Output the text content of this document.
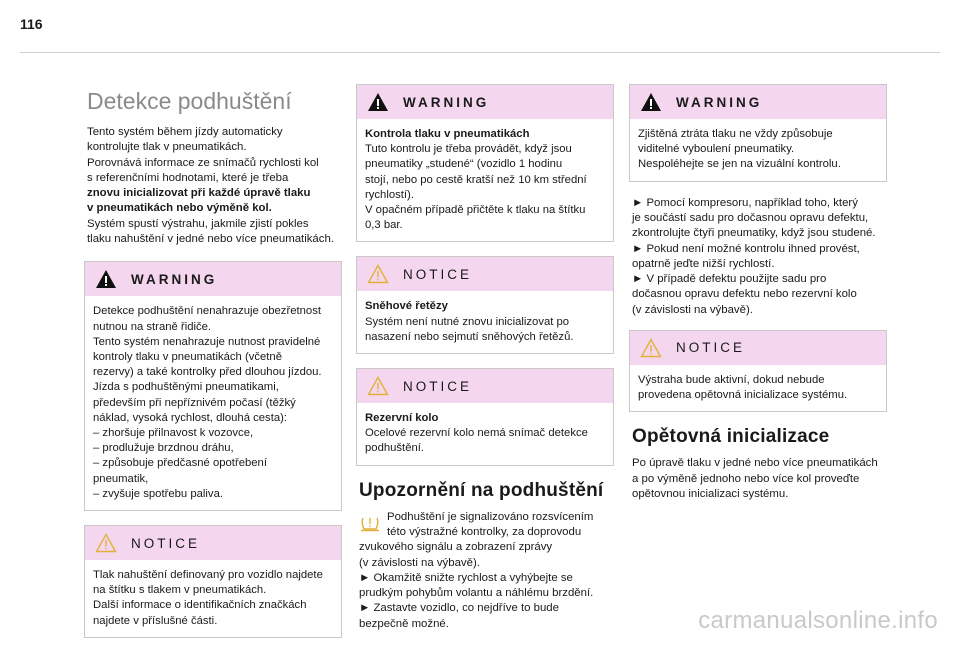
116
Detekce podhuštění

Tento systém během jízdy automaticky
kontrolujte tlak v pneumatikách.
Porovnává informace ze snímačů rychlosti kol
s referenčními hodnotami, které je třeba
znovu inicializovat při každé úpravě tlaku
v pneumatikách nebo výměně kol.
Systém spustí výstrahu, jakmile zjistí pokles
tlaku nahuštění v jedné nebo více pneumatikách.

WARNING

Detekce podhuštění nenahrazuje obezřetnost
nutnou na straně řidiče.
Tento systém nenahrazuje nutnost pravidelné
kontroly tlaku v pneumatikách (včetně
rezervy) a také kontrolky před dlouhou jízdou.
Jízda s podhuštěnými pneumatikami,
především při nepříznivém počasí (těžký
náklad, vysoká rychlost, dlouhá cesta):
– zhoršuje přilnavost k vozovce,
– prodlužuje brzdnou dráhu,
– způsobuje předčasné opotřebení
pneumatik,
– zvyšuje spotřebu paliva.

NOTICE

Tlak nahuštění definovaný pro vozidlo najdete
na štítku s tlakem v pneumatikách.
Další informace o identifikačních značkách
najdete v příslušné části.

WARNING

Kontrola tlaku v pneumatikách
Tuto kontrolu je třeba provádět, když jsou
pneumatiky „studené“ (vozidlo 1 hodinu
stojí, nebo po cestě kratší než 10 km střední
rychlostí).
V opačném případě přičtěte k tlaku na štítku
0,3 bar.

NOTICE

Sněhové řetězy
Systém není nutné znovu inicializovat po
nasazení nebo sejmutí sněhových řetězů.

NOTICE

Rezervní kolo
Ocelové rezervní kolo nemá snímač detekce
podhuštění.

Upozornění na podhuštění

Podhuštění je signalizováno rozsvícením
této výstražné kontrolky, za doprovodu
zvukového signálu a zobrazení zprávy
(v závislosti na výbavě).
► Okamžitě snižte rychlost a vyhýbejte se
prudkým pohybům volantu a náhlému brzdění.
► Zastavte vozidlo, co nejdříve to bude
bezpečně možné.

WARNING

Zjištěná ztráta tlaku ne vždy způsobuje
viditelné vyboulení pneumatiky.
Nespoléhejte se jen na vizuální kontrolu.

► Pomocí kompresoru, například toho, který
je součástí sadu pro dočasnou opravu defektu,
zkontrolujte čtyři pneumatiky, když jsou studené.
► Pokud není možné kontrolu ihned provést,
opatrně jeďte nižší rychlostí.
► V případě defektu použijte sadu pro
dočasnou opravu defektu nebo rezervní kolo
(v závislosti na výbavě).

NOTICE

Výstraha bude aktivní, dokud nebude
provedena opětovná inicializace systému.

Opětovná inicializace

Po úpravě tlaku v jedné nebo více pneumatikách
a po výměně jednoho nebo více kol proveďte
opětovnou inicializaci systému.

carmanualsonline.info
